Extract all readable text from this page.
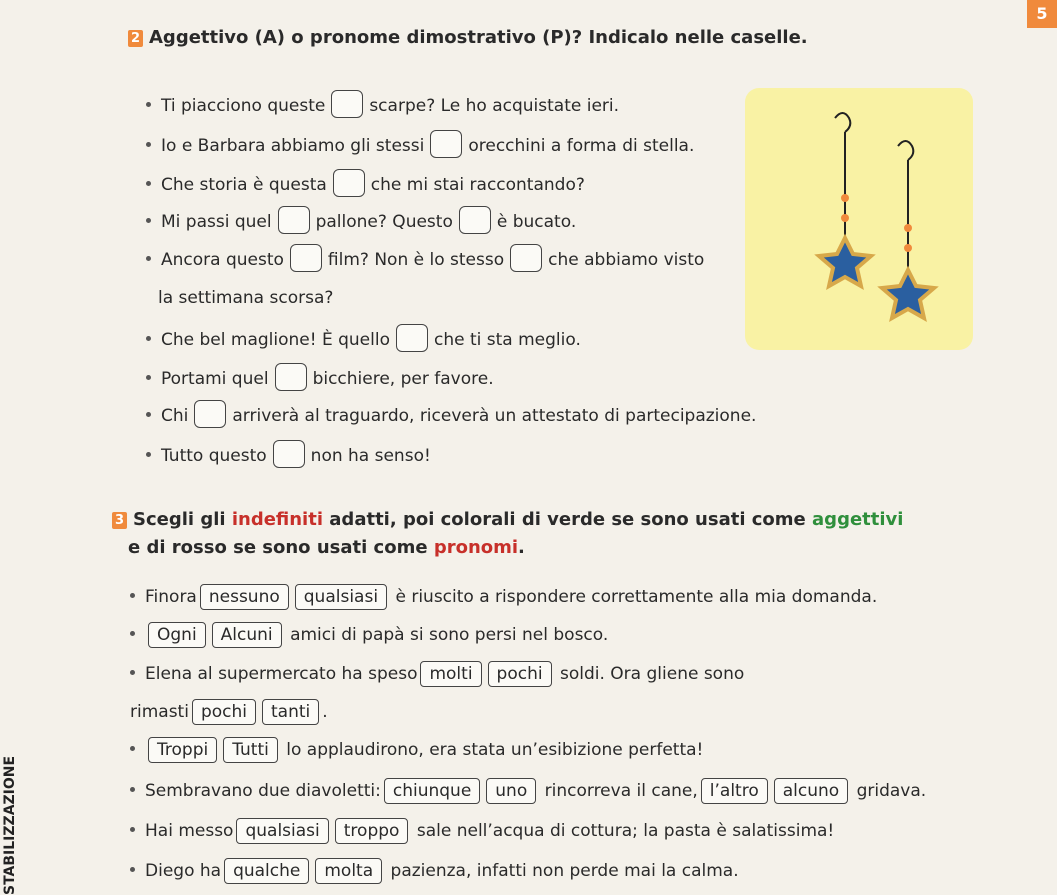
5
2 Aggettivo (A) o pronome dimostrativo (P)? Indicalo nelle caselle.
Ti piacciono queste	scarpe? Le ho acquistate ieri.
Io e Barbara abbiamo gli stessi	orecchini a forma di stella.
Che storia è questa	che mi stai raccontando?
Mi passi quel	pallone? Questo	è bucato.
Ancora questo	film? Non è lo stesso	che abbiamo visto
la settimana scorsa?
Che bel maglione! È quello	che ti sta meglio.
Portami quel	bicchiere, per favore.
Chi	arriverà al traguardo, riceverà un attestato di partecipazione.
Tutto questo	non ha senso!
3 Scegli gli indefiniti adatti, poi colorali di verde se sono usati come aggettivi
e di rosso se sono usati come pronomi.
Finora nessuno qualsiasi è riuscito a rispondere correttamente alla mia domanda.
Ogni Alcuni amici di papà si sono persi nel bosco.
Elena al supermercato ha speso molti pochi soldi. Ora gliene sono
rimasti pochi tanti .
Troppi Tutti lo applaudirono, era stata un’esibizione perfetta!
Sembravano due diavoletti: chiunque uno rincorreva il cane, l’altro alcuno gridava.
Hai messo qualsiasi troppo sale nell’acqua di cottura; la pasta è salatissima!
Diego ha qualche molta pazienza, infatti non perde mai la calma.
STABILIZZAZIONE
